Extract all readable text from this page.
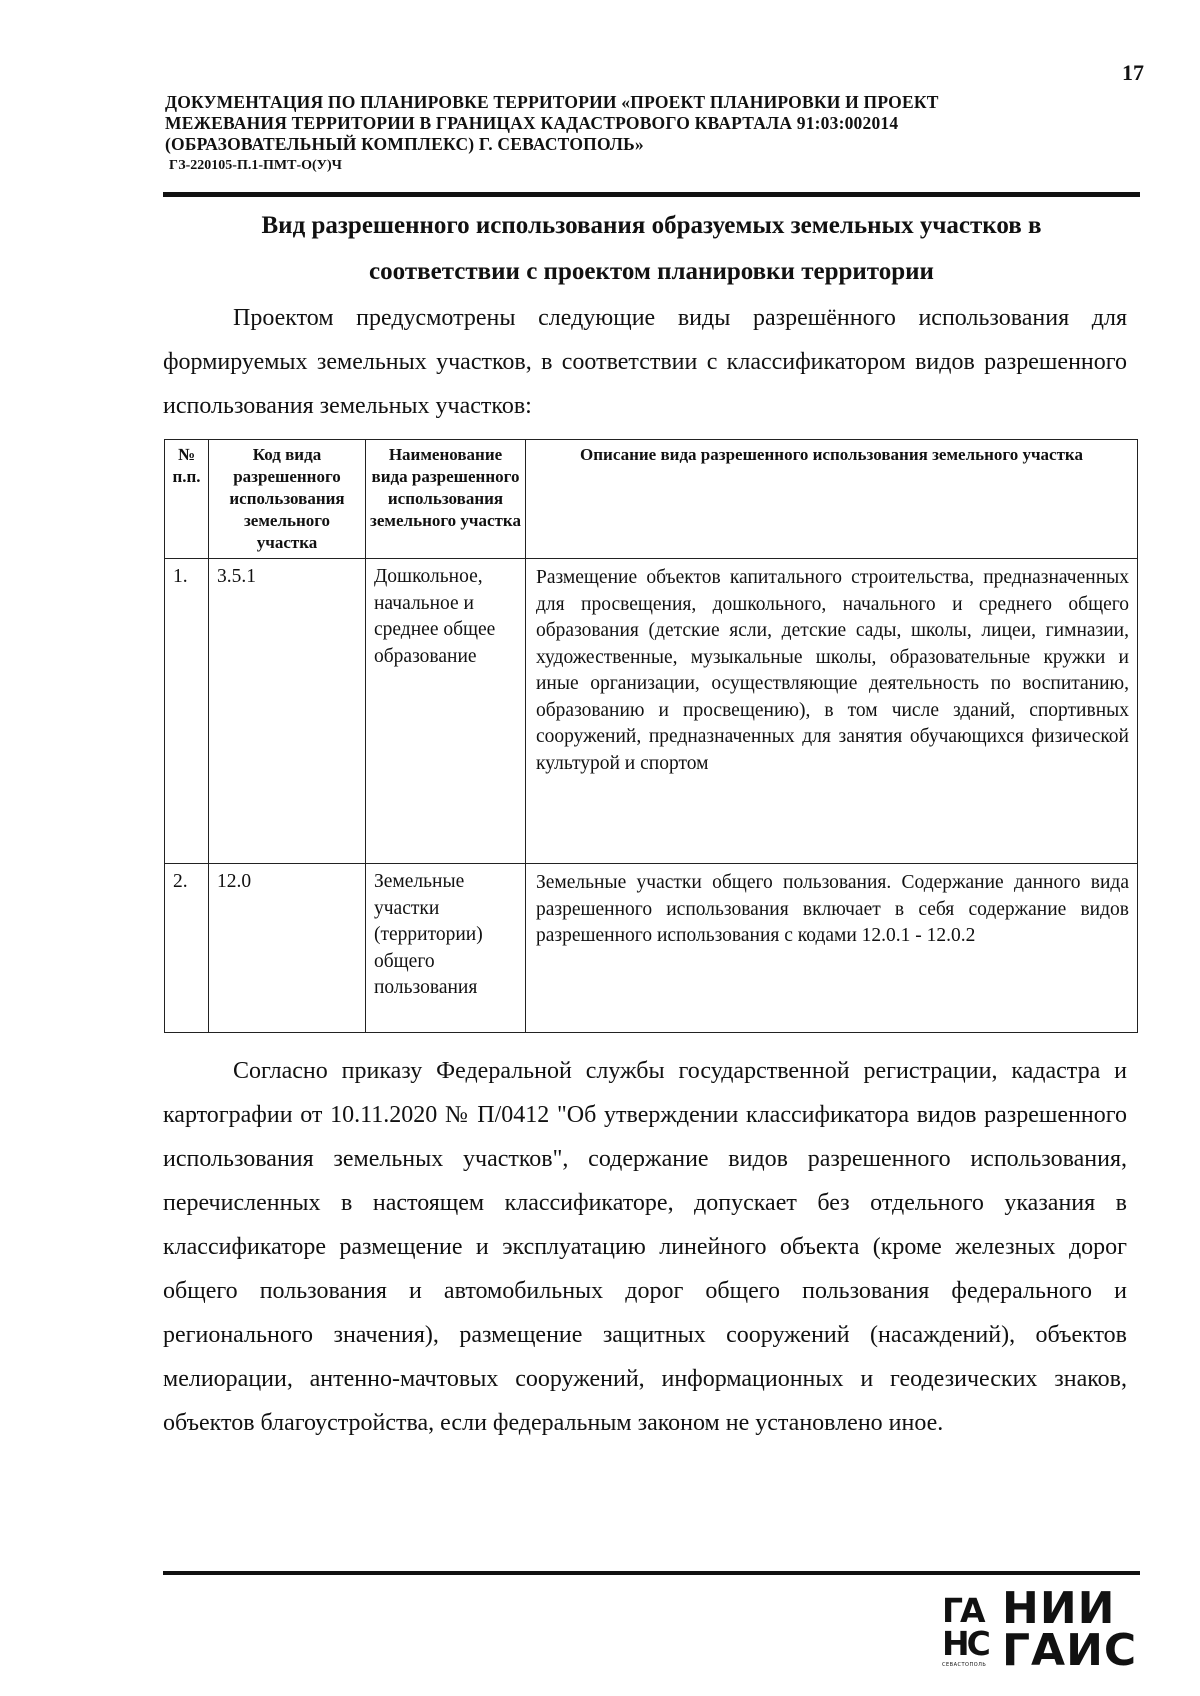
17
ДОКУМЕНТАЦИЯ ПО ПЛАНИРОВКЕ ТЕРРИТОРИИ «ПРОЕКТ ПЛАНИРОВКИ И ПРОЕКТ
МЕЖЕВАНИЯ ТЕРРИТОРИИ В ГРАНИЦАХ КАДАСТРОВОГО КВАРТАЛА 91:03:002014
(ОБРАЗОВАТЕЛЬНЫЙ КОМПЛЕКС) Г. СЕВАСТОПОЛЬ»
ГЗ-220105-П.1-ПМТ-О(У)Ч
Вид разрешенного использования образуемых земельных участков в
соответствии с проектом планировки территории
Проектом предусмотрены следующие виды разрешённого использования для формируемых земельных участков, в соответствии с классификатором видов разрешенного использования земельных участков:
№ п.п.	Код вида разрешенного использования земельного участка	Наименование вида разрешенного использования земельного участка	Описание вида разрешенного использования земельного участка
1.	3.5.1	Дошкольное, начальное и среднее общее образование	Размещение объектов капитального строительства, предназначенных для просвещения, дошкольного, начального и среднего общего образования (детские ясли, детские сады, школы, лицеи, гимназии, художественные, музыкальные школы, образовательные кружки и иные организации, осуществляющие деятельность по воспитанию, образованию и просвещению), в том числе зданий, спортивных сооружений, предназначенных для занятия обучающихся физической культурой и спортом
2.	12.0	Земельные участки (территории) общего пользования	Земельные участки общего пользования. Содержание данного вида разрешенного использования включает в себя содержание видов разрешенного использования с кодами 12.0.1 - 12.0.2
Согласно приказу Федеральной службы государственной регистрации, кадастра и картографии от 10.11.2020 № П/0412 "Об утверждении классификатора видов разрешенного использования земельных участков", содержание видов разрешенного использования, перечисленных в настоящем классификаторе, допускает без отдельного указания в классификаторе размещение и эксплуатацию линейного объекта (кроме железных дорог общего пользования и автомобильных дорог общего пользования федерального и регионального значения), размещение защитных сооружений (насаждений), объектов мелиорации, антенно-мачтовых сооружений, информационных и геодезических знаков, объектов благоустройства, если федеральным законом не установлено иное.
ГА
НС
СЕВАСТОПОЛЬ
НИИ
ГАИС
